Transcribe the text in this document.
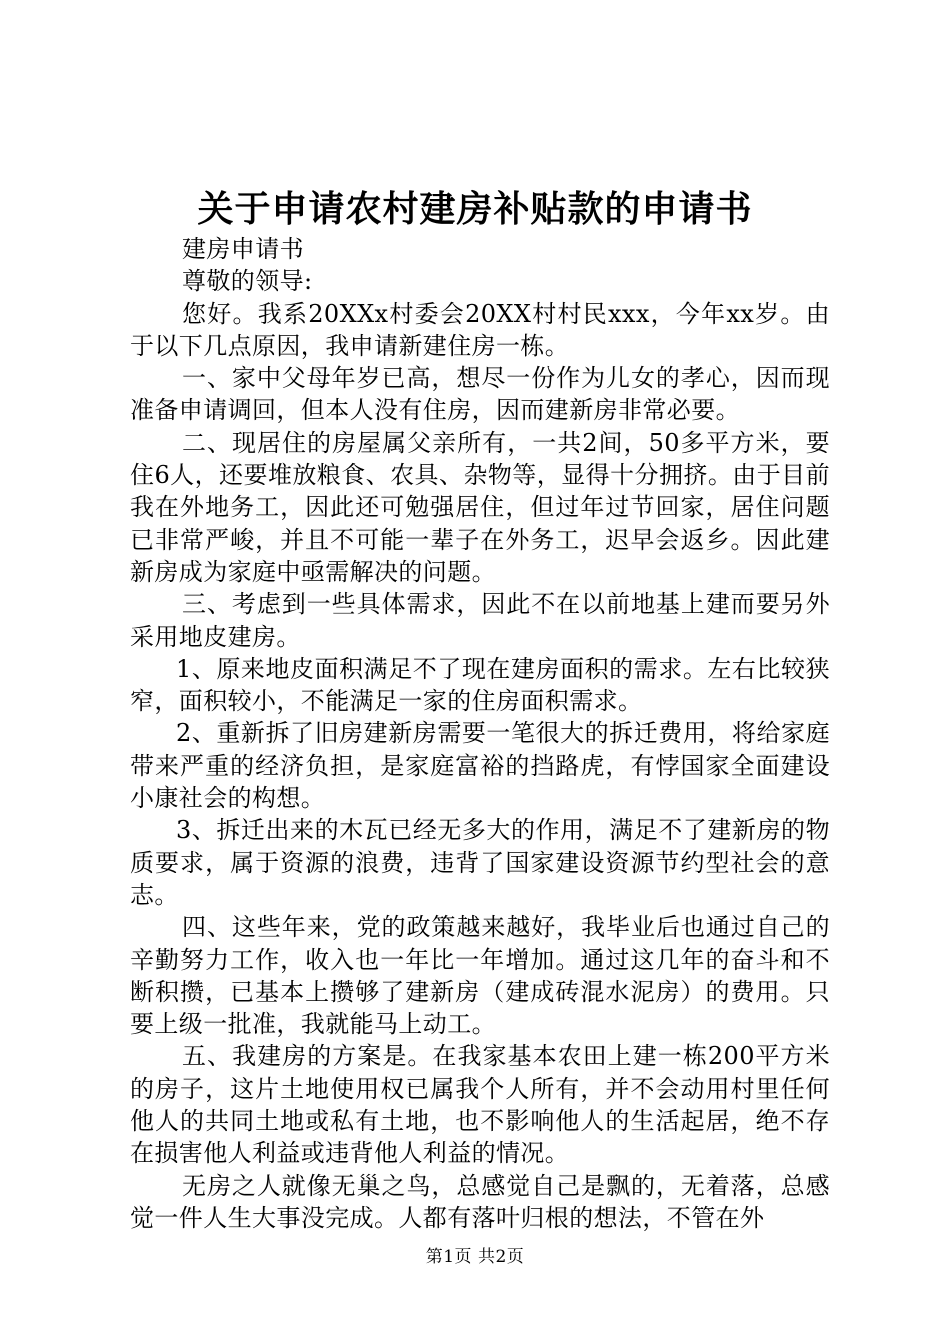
关于申请农村建房补贴款的申请书

建房申请书

尊敬的领导:

您好。我系20XXx村委会20XX村村民xxx，今年xx岁。由于以下几点原因，我申请新建住房一栋。

一、家中父母年岁已高，想尽一份作为儿女的孝心，因而现准备申请调回，但本人没有住房，因而建新房非常必要。

二、现居住的房屋属父亲所有，一共2间，50多平方米，要住6人，还要堆放粮食、农具、杂物等，显得十分拥挤。由于目前我在外地务工，因此还可勉强居住，但过年过节回家，居住问题已非常严峻，并且不可能一辈子在外务工，迟早会返乡。因此建新房成为家庭中亟需解决的问题。

三、考虑到一些具体需求，因此不在以前地基上建而要另外采用地皮建房。

1、原来地皮面积满足不了现在建房面积的需求。左右比较狭窄，面积较小，不能满足一家的住房面积需求。

2、重新拆了旧房建新房需要一笔很大的拆迁费用，将给家庭带来严重的经济负担，是家庭富裕的挡路虎，有悖国家全面建设小康社会的构想。

3、拆迁出来的木瓦已经无多大的作用，满足不了建新房的物质要求，属于资源的浪费，违背了国家建设资源节约型社会的意志。

四、这些年来，党的政策越来越好，我毕业后也通过自己的辛勤努力工作，收入也一年比一年增加。通过这几年的奋斗和不断积攒，已基本上攒够了建新房（建成砖混水泥房）的费用。只要上级一批准，我就能马上动工。

五、我建房的方案是。在我家基本农田上建一栋200平方米的房子，这片土地使用权已属我个人所有，并不会动用村里任何他人的共同土地或私有土地，也不影响他人的生活起居，绝不存在损害他人利益或违背他人利益的情况。

无房之人就像无巢之鸟，总感觉自己是飘的，无着落，总感觉一件人生大事没完成。人都有落叶归根的想法，不管在外

第1页 共2页
